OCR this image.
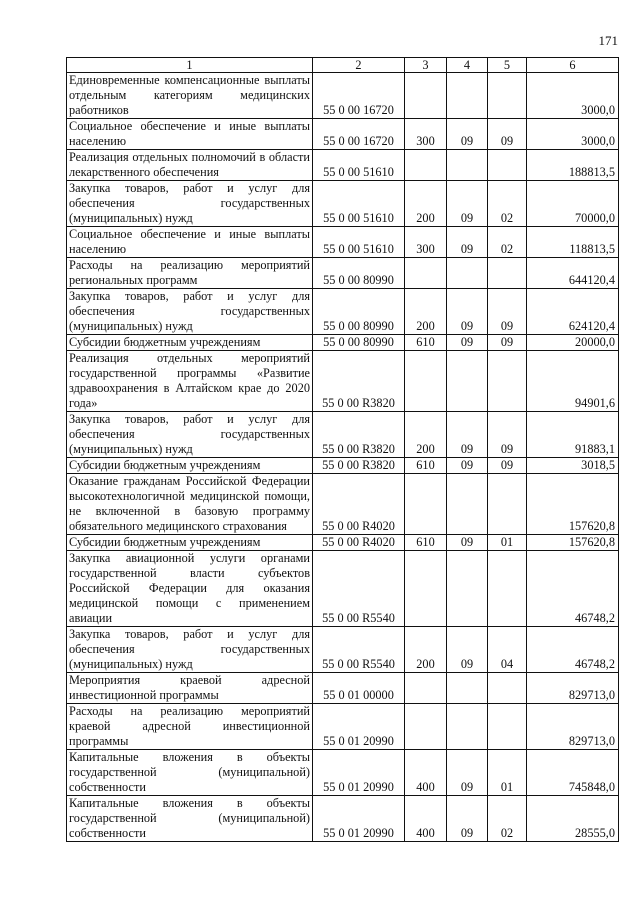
171
1	2	3	4	5	6
Единовременные компенсационные выплаты отдельным категориям медицинских работников	55 0 00 16720				3000,0
Социальное обеспечение и иные выплаты населению	55 0 00 16720	300	09	09	3000,0
Реализация отдельных полномочий в области лекарственного обеспечения	55 0 00 51610				188813,5
Закупка товаров, работ и услуг для обеспечения государственных (муниципальных) нужд	55 0 00 51610	200	09	02	70000,0
Социальное обеспечение и иные выплаты населению	55 0 00 51610	300	09	02	118813,5
Расходы на реализацию мероприятий региональных программ	55 0 00 80990				644120,4
Закупка товаров, работ и услуг для обеспечения государственных (муниципальных) нужд	55 0 00 80990	200	09	09	624120,4
Субсидии бюджетным учреждениям	55 0 00 80990	610	09	09	20000,0
Реализация отдельных мероприятий государственной программы «Развитие здравоохранения в Алтайском крае до 2020 года»	55 0 00 R3820				94901,6
Закупка товаров, работ и услуг для обеспечения государственных (муниципальных) нужд	55 0 00 R3820	200	09	09	91883,1
Субсидии бюджетным учреждениям	55 0 00 R3820	610	09	09	3018,5
Оказание гражданам Российской Федерации высокотехнологичной медицинской помощи, не включенной в базовую программу обязательного медицинского страхования	55 0 00 R4020				157620,8
Субсидии бюджетным учреждениям	55 0 00 R4020	610	09	01	157620,8
Закупка авиационной услуги органами государственной власти субъектов Российской Федерации для оказания медицинской помощи с применением авиации	55 0 00 R5540				46748,2
Закупка товаров, работ и услуг для обеспечения государственных (муниципальных) нужд	55 0 00 R5540	200	09	04	46748,2
Мероприятия краевой адресной инвестиционной программы	55 0 01 00000				829713,0
Расходы на реализацию мероприятий краевой адресной инвестиционной программы	55 0 01 20990				829713,0
Капитальные вложения в объекты государственной (муниципальной) собственности	55 0 01 20990	400	09	01	745848,0
Капитальные вложения в объекты государственной (муниципальной) собственности	55 0 01 20990	400	09	02	28555,0
